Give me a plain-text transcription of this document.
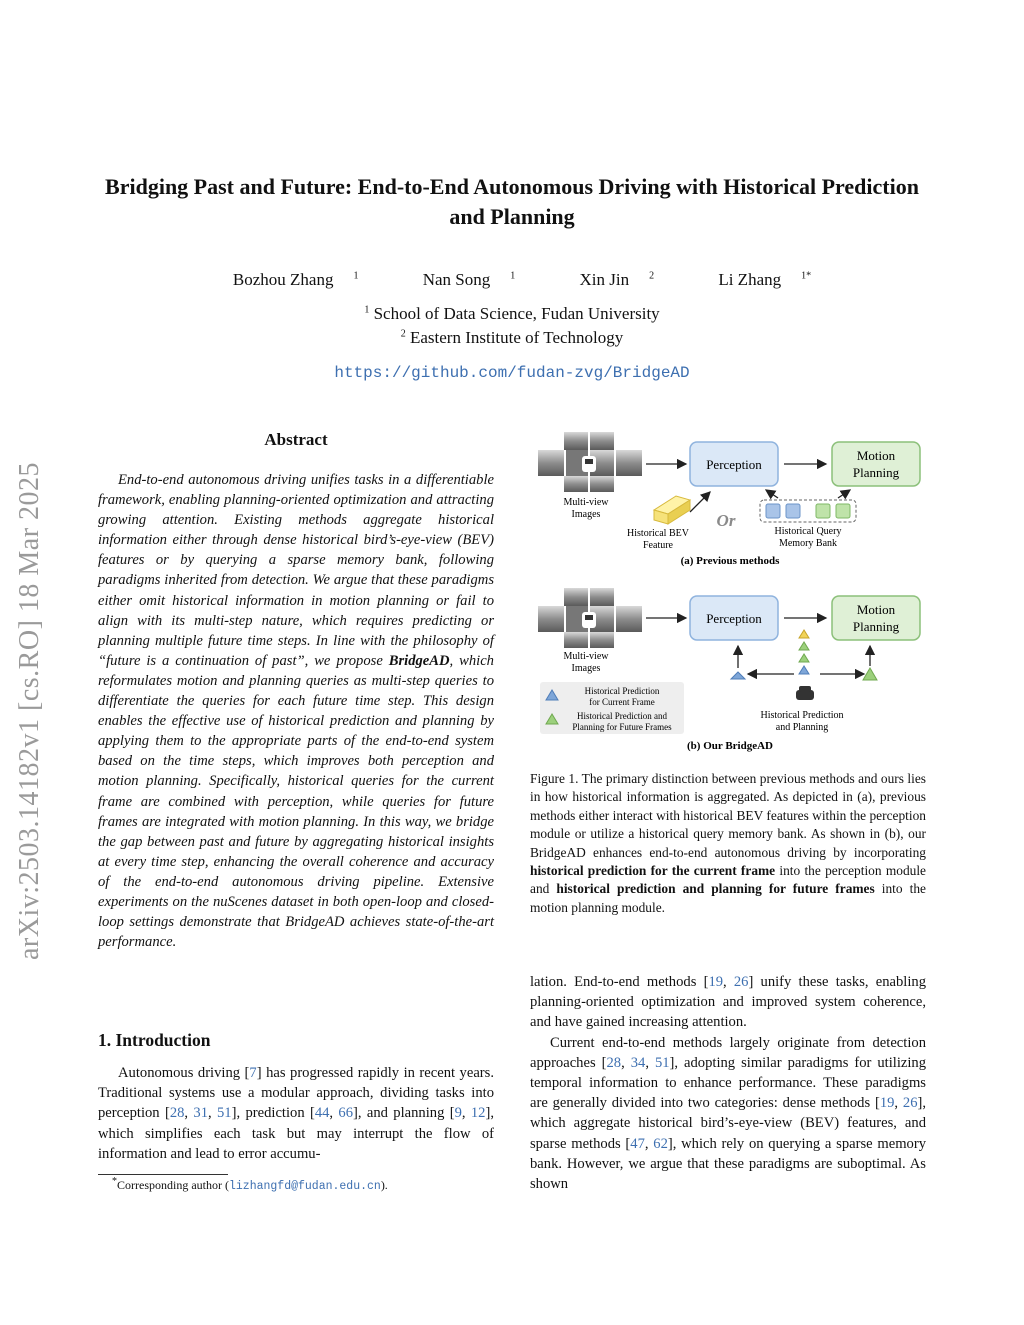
Bridging Past and Future: End-to-End Autonomous Driving with Historical Prediction and Planning
Bozhou Zhang $^1$	Nan Song $^1$	Xin Jin $^2$	Li Zhang $^{1*}$
$^1$ School of Data Science, Fudan University
$^2$ Eastern Institute of Technology
https://github.com/fudan-zvg/BridgeAD
arXiv:2503.14182v1 [cs.RO] 18 Mar 2025
Abstract

End-to-end autonomous driving unifies tasks in a differentiable framework, enabling planning-oriented optimization and attracting growing attention. Existing methods aggregate historical information either through dense historical bird’s-eye-view (BEV) features or by querying a sparse memory bank, following paradigms inherited from detection. We argue that these paradigms either omit historical information in motion planning or fail to align with its multi-step nature, which requires predicting or planning multiple future time steps. In line with the philosophy of “future is a continuation of past”, we propose BridgeAD, which reformulates motion and planning queries as multi-step queries to differentiate the queries for each future time step. This design enables the effective use of historical prediction and planning by applying them to the appropriate parts of the end-to-end system based on the time steps, which improves both perception and motion planning. Specifically, historical queries for the current frame are combined with perception, while queries for future frames are integrated with motion planning. In this way, we bridge the gap between past and future by aggregating historical insights at every time step, enhancing the overall coherence and accuracy of the end-to-end autonomous driving pipeline. Extensive experiments on the nuScenes dataset in both open-loop and closed-loop settings demonstrate that BridgeAD achieves state-of-the-art performance.

1. Introduction

Autonomous driving [7] has progressed rapidly in recent years. Traditional systems use a modular approach, dividing tasks into perception [28, 31, 51], prediction [44, 66], and planning [9, 12], which simplifies each task but may interrupt the flow of information and lead to error accumu-

*Corresponding author (lizhangfd@fudan.edu.cn).
Multi-view
Images
Perception
Motion
Planning
Historical BEV
Feature
Or
Historical Query
Memory Bank
(a) Previous methods
Multi-view
Images
Perception
Motion
Planning
Historical Prediction
and Planning
Historical Prediction
for Current Frame
Historical Prediction and
Planning for Future Frames
(b) Our BridgeAD
Figure 1. The primary distinction between previous methods and ours lies in how historical information is aggregated. As depicted in (a), previous methods either interact with historical BEV features within the perception module or utilize a historical query memory bank. As shown in (b), our BridgeAD enhances end-to-end autonomous driving by incorporating historical prediction for the current frame into the perception module and historical prediction and planning for future frames into the motion planning module.

lation. End-to-end methods [19, 26] unify these tasks, enabling planning-oriented optimization and improved system coherence, and have gained increasing attention.

Current end-to-end methods largely originate from detection approaches [28, 34, 51], adopting similar paradigms for utilizing temporal information to enhance performance. These paradigms are generally divided into two categories: dense methods [19, 26], which aggregate historical bird’s-eye-view (BEV) features, and sparse methods [47, 62], which rely on querying a sparse memory bank. However, we argue that these paradigms are suboptimal. As shown
